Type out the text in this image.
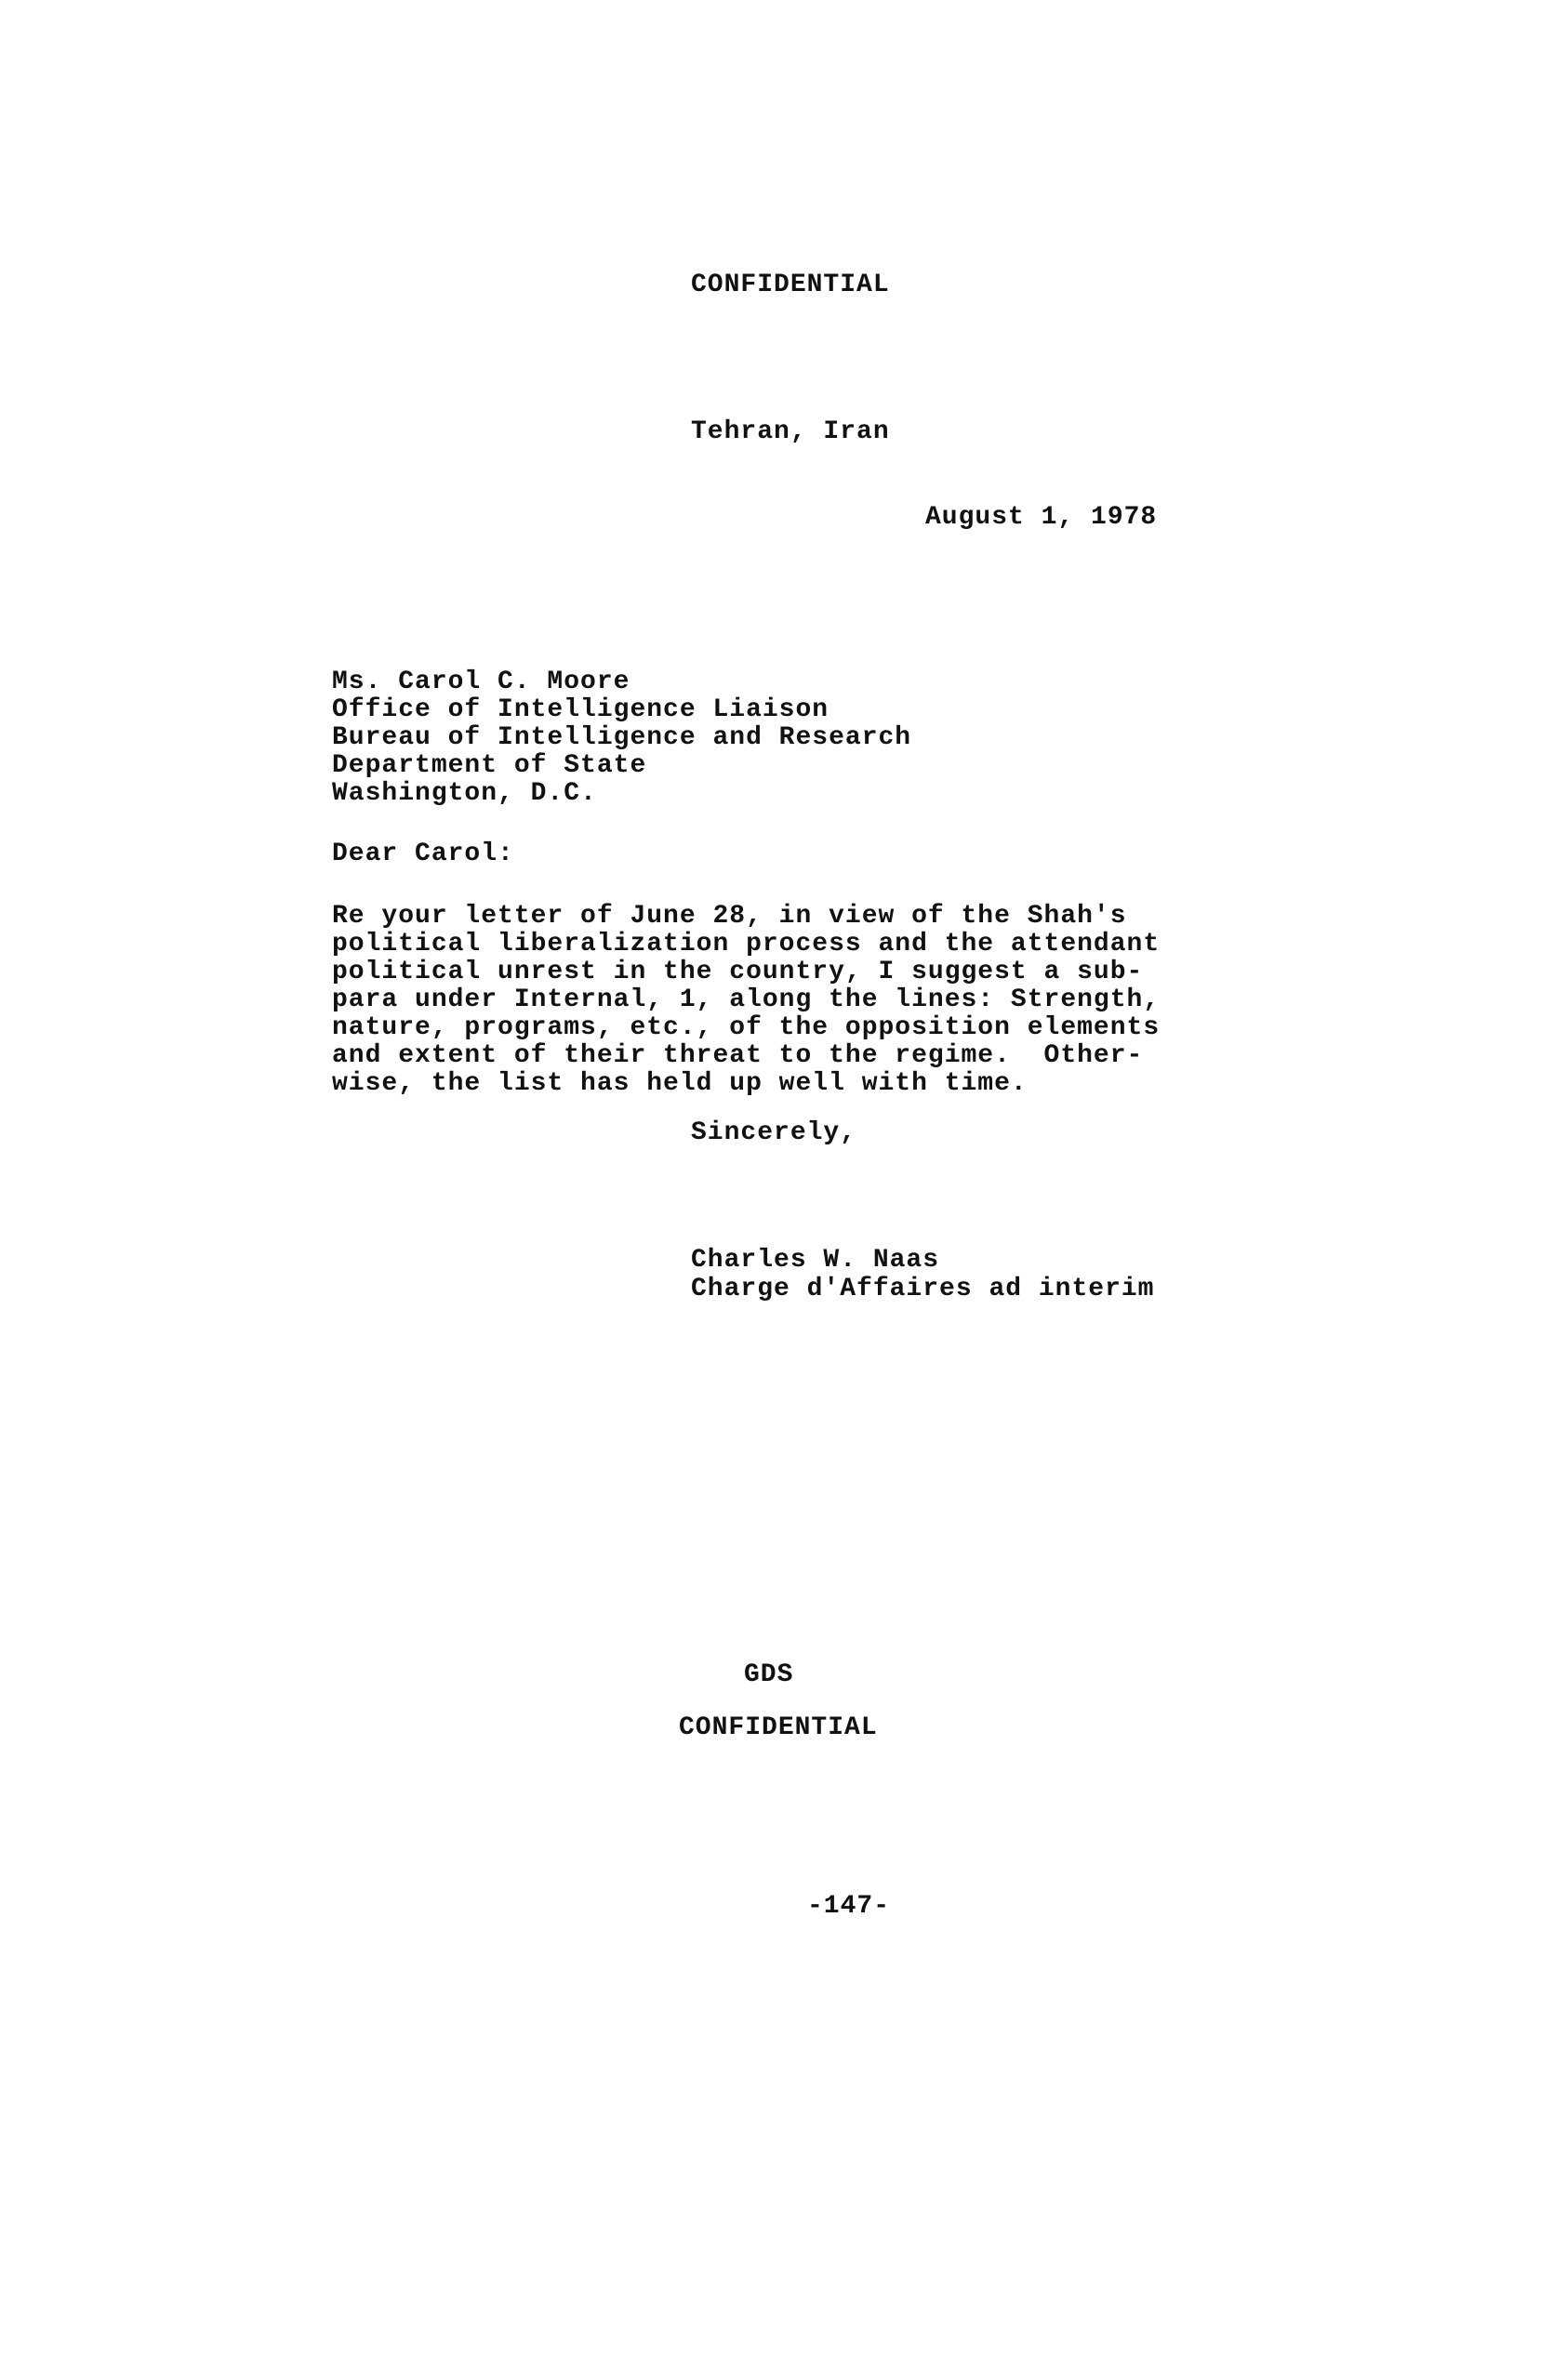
CONFIDENTIAL
Tehran, Iran
August 1, 1978
Ms. Carol C. Moore
Office of Intelligence Liaison
Bureau of Intelligence and Research
Department of State
Washington, D.C.
Dear Carol:
Re your letter of June 28, in view of the Shah's
political liberalization process and the attendant
political unrest in the country, I suggest a sub-
para under Internal, 1, along the lines: Strength,
nature, programs, etc., of the opposition elements
and extent of their threat to the regime.  Other-
wise, the list has held up well with time.
Sincerely,
Charles W. Naas
Charge d'Affaires ad interim
GDS
CONFIDENTIAL
-147-
